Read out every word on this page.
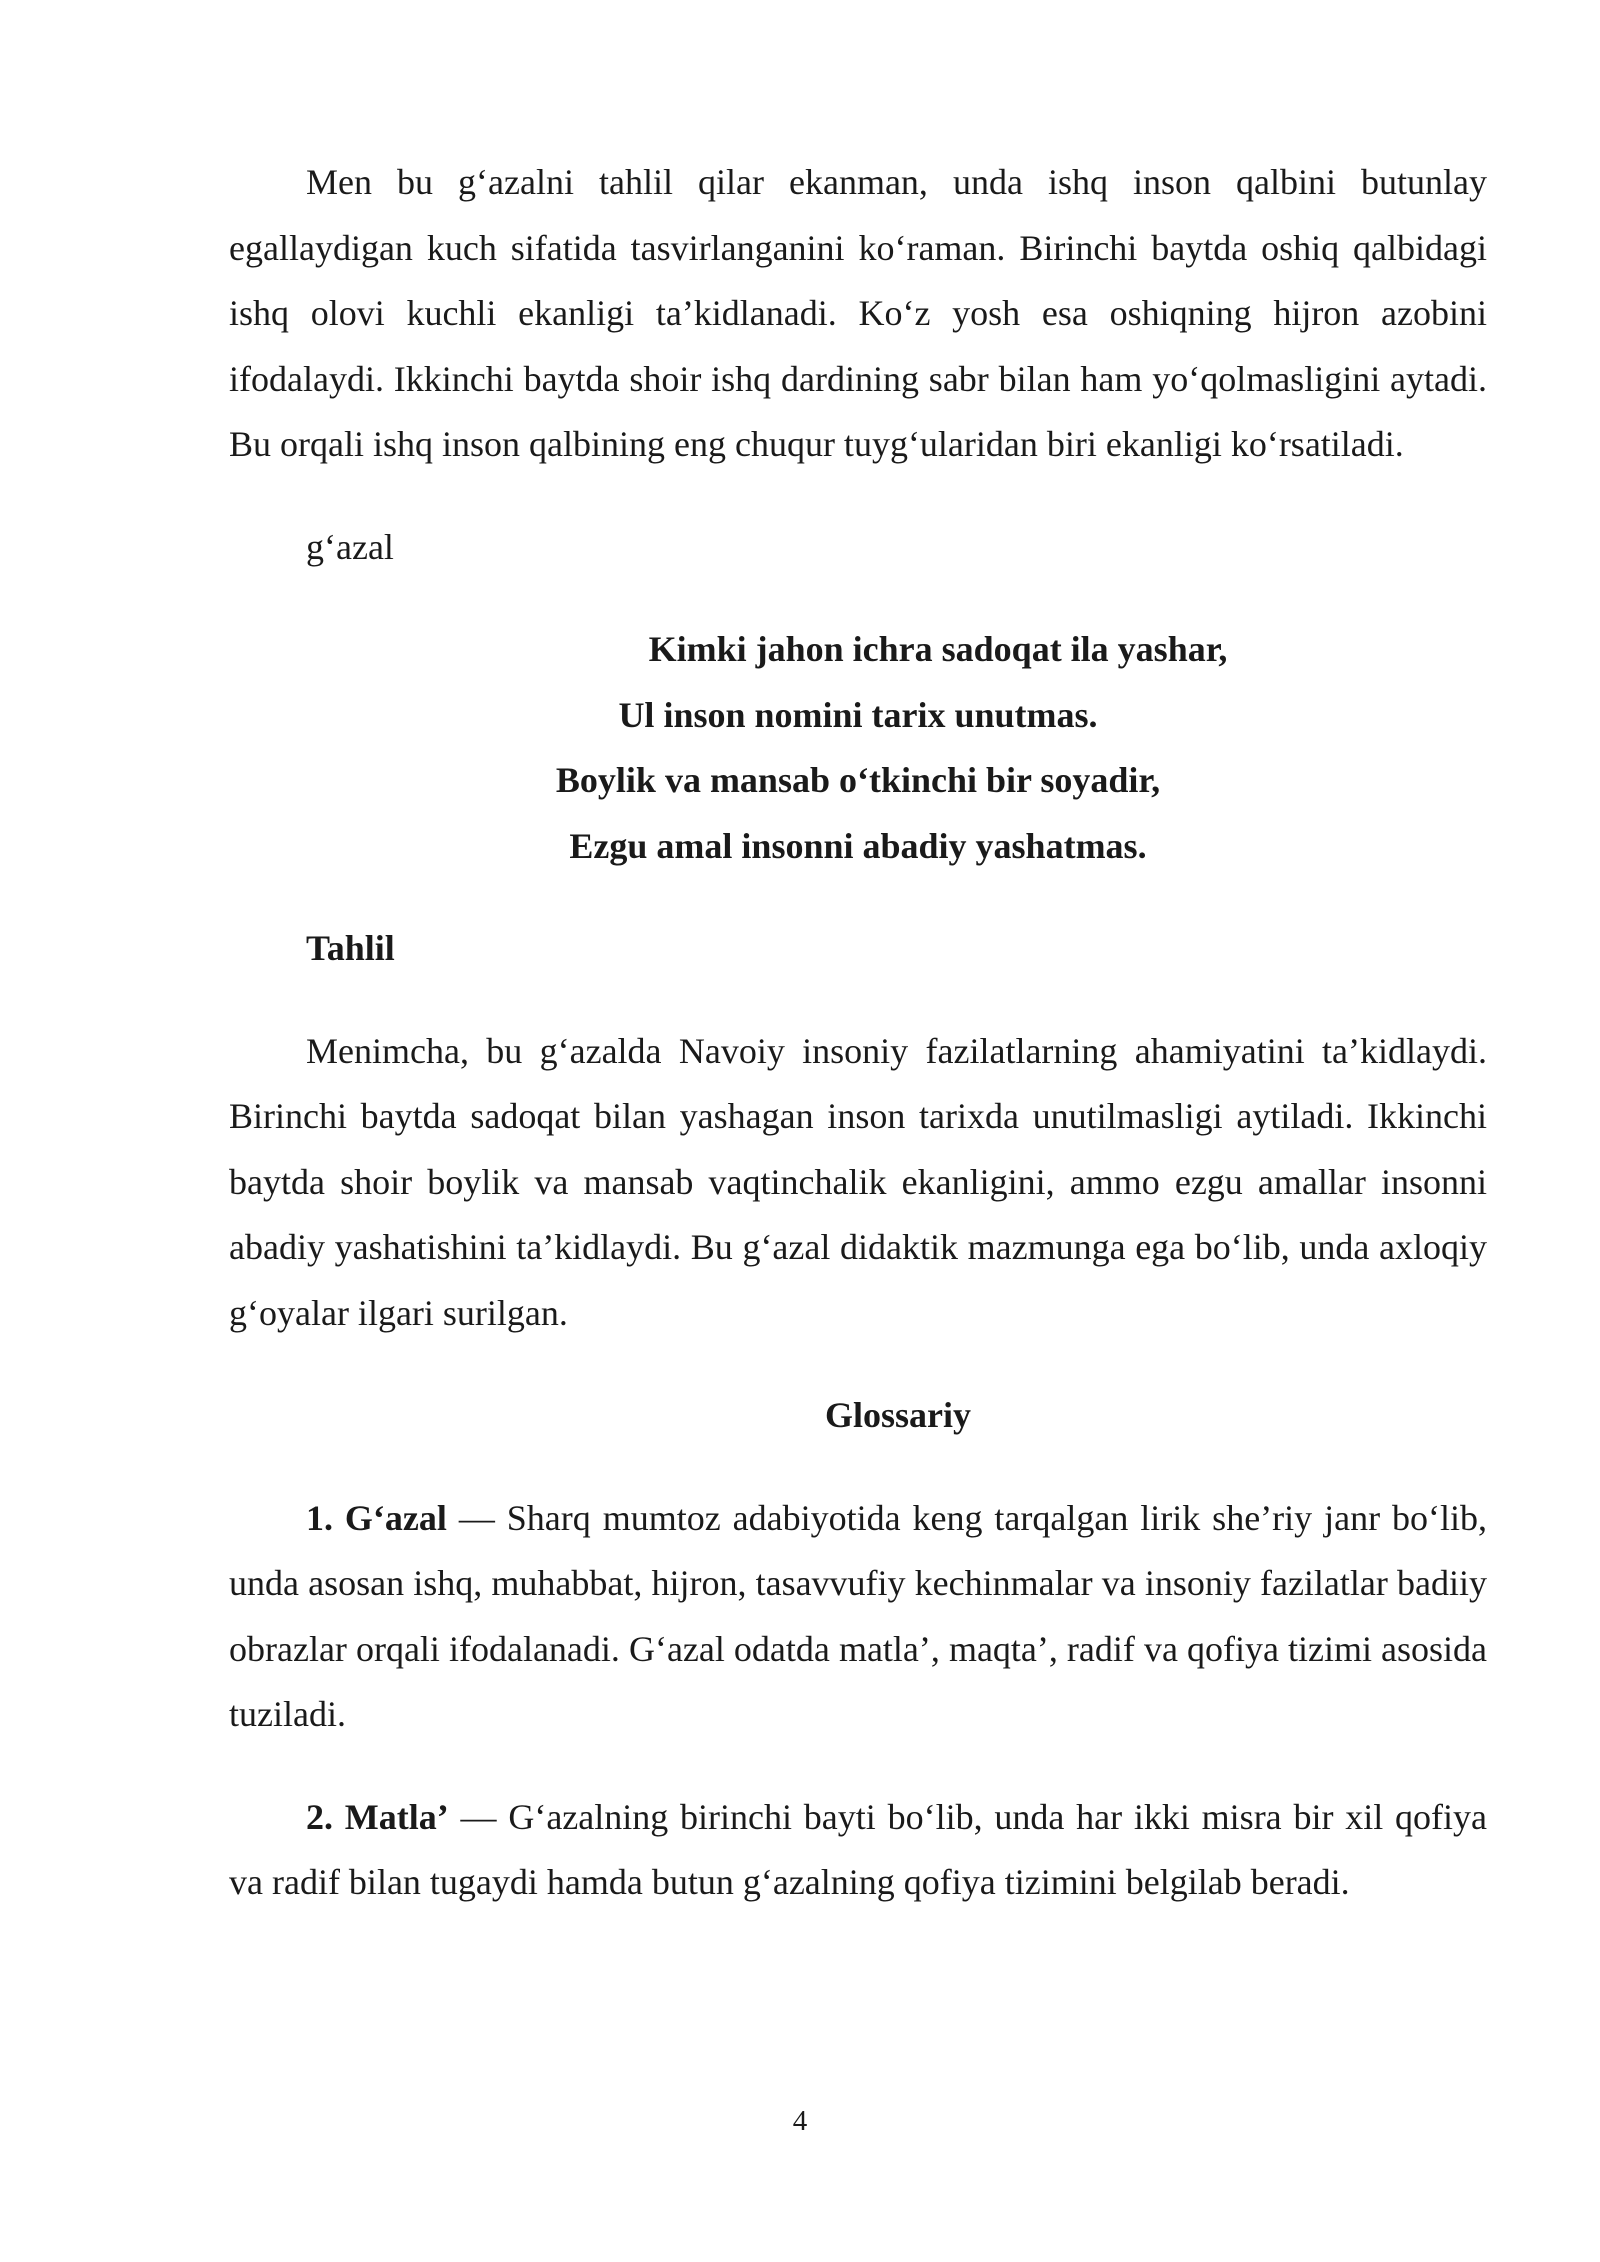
Men bu g‘azalni tahlil qilar ekanman, unda ishq inson qalbini butunlay egallaydigan kuch sifatida tasvirlanganini ko‘raman. Birinchi baytda oshiq qalbidagi ishq olovi kuchli ekanligi ta’kidlanadi. Ko‘z yosh esa oshiqning hijron azobini ifodalaydi. Ikkinchi baytda shoir ishq dardining sabr bilan ham yo‘qolmasligini aytadi. Bu orqali ishq inson qalbining eng chuqur tuyg‘ularidan biri ekanligi ko‘rsatiladi.

g‘azal

Kimki jahon ichra sadoqat ila yashar,

Ul inson nomini tarix unutmas.

Boylik va mansab o‘tkinchi bir soyadir,

Ezgu amal insonni abadiy yashatmas.

Tahlil

Menimcha, bu g‘azalda Navoiy insoniy fazilatlarning ahamiyatini ta’kidlaydi. Birinchi baytda sadoqat bilan yashagan inson tarixda unutilmasligi aytiladi. Ikkinchi baytda shoir boylik va mansab vaqtinchalik ekanligini, ammo ezgu amallar insonni abadiy yashatishini ta’kidlaydi. Bu g‘azal didaktik mazmunga ega bo‘lib, unda axloqiy g‘oyalar ilgari surilgan.

Glossariy

1. G‘azal — Sharq mumtoz adabiyotida keng tarqalgan lirik she’riy janr bo‘lib, unda asosan ishq, muhabbat, hijron, tasavvufiy kechinmalar va insoniy fazilatlar badiiy obrazlar orqali ifodalanadi. G‘azal odatda matla’, maqta’, radif va qofiya tizimi asosida tuziladi.

2. Matla’ — G‘azalning birinchi bayti bo‘lib, unda har ikki misra bir xil qofiya va radif bilan tugaydi hamda butun g‘azalning qofiya tizimini belgilab beradi.

4
